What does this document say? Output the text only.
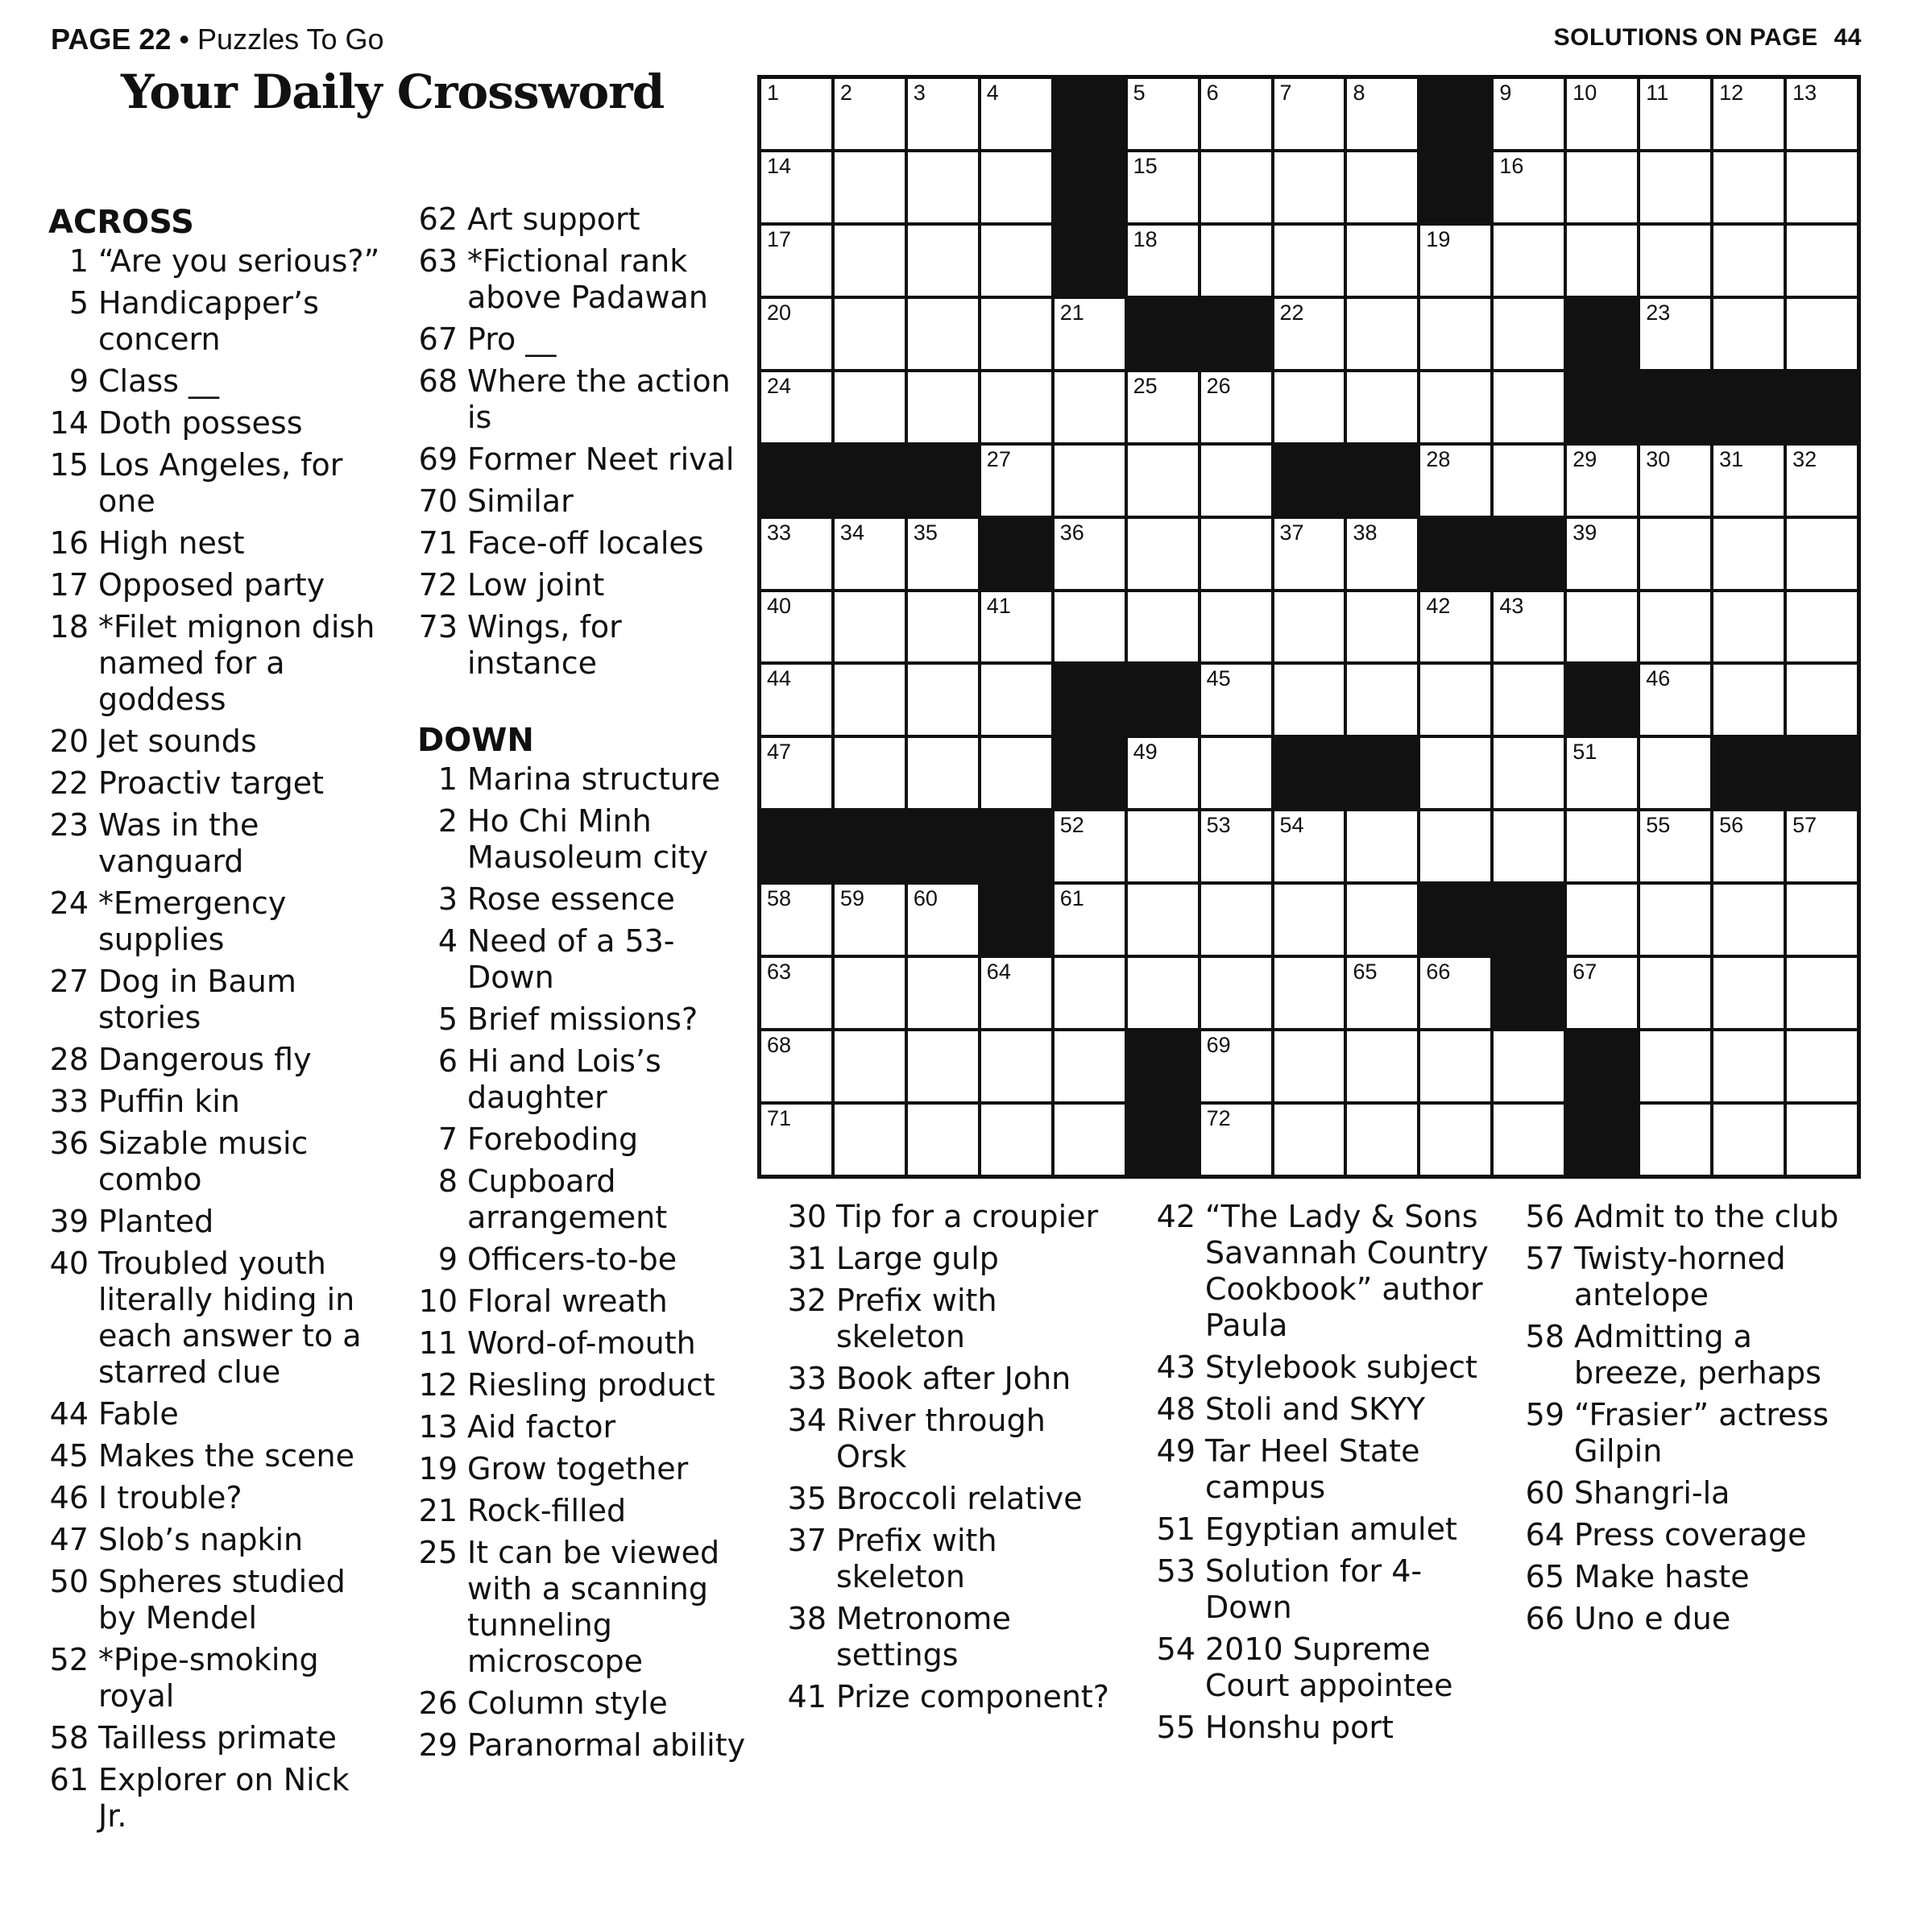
PAGE 22 • Puzzles To Go	SOLUTIONS ON PAGE 44
Your Daily Crossword
ACROSS
1 “Are you serious?”
5 Handicapper’s concern
9 Class __
14 Doth possess
15 Los Angeles, for one
16 High nest
17 Opposed party
18 *Filet mignon dish named for a goddess
20 Jet sounds
22 Proactiv target
23 Was in the vanguard
24 *Emergency supplies
27 Dog in Baum stories
28 Dangerous fly
33 Puffin kin
36 Sizable music combo
39 Planted
40 Troubled youth literally hiding in each answer to a starred clue
44 Fable
45 Makes the scene
46 I trouble?
47 Slob’s napkin
50 Spheres studied by Mendel
52 *Pipe-smoking royal
58 Tailless primate
61 Explorer on Nick Jr.
62 Art support
63 *Fictional rank above Padawan
67 Pro __
68 Where the action is
69 Former Neet rival
70 Similar
71 Face-off locales
72 Low joint
73 Wings, for instance
DOWN
1 Marina structure
2 Ho Chi Minh Mausoleum city
3 Rose essence
4 Need of a 53-Down
5 Brief missions?
6 Hi and Lois’s daughter
7 Foreboding
8 Cupboard arrangement
9 Officers-to-be
10 Floral wreath
11 Word-of-mouth
12 Riesling product
13 Aid factor
19 Grow together
21 Rock-filled
25 It can be viewed with a scanning tunneling microscope
26 Column style
29 Paranormal ability
30 Tip for a croupier
31 Large gulp
32 Prefix with skeleton
33 Book after John
34 River through Orsk
35 Broccoli relative
37 Prefix with skeleton
38 Metronome settings
41 Prize component?
42 “The Lady & Sons Savannah Country Cookbook” author Paula
43 Stylebook subject
48 Stoli and SKYY
49 Tar Heel State campus
51 Egyptian amulet
53 Solution for 4-Down
54 2010 Supreme Court appointee
55 Honshu port
56 Admit to the club
57 Twisty-horned antelope
58 Admitting a breeze, perhaps
59 “Frasier” actress Gilpin
60 Shangri-la
64 Press coverage
65 Make haste
66 Uno e due
1	2	3	4	5	6	7	8	9	10 11 12 13
14	15	16
17	18	19
20	21	22	23
24	25 26
27	28	29 30 31 32
33 34 35	36	37 38	39
40	41	42 43
44	45	46
47	48 49	50	51
52	53 54	55 56 57
58 59 60	61	62
63	64	65 66	67
68	69	70
71	72	73
